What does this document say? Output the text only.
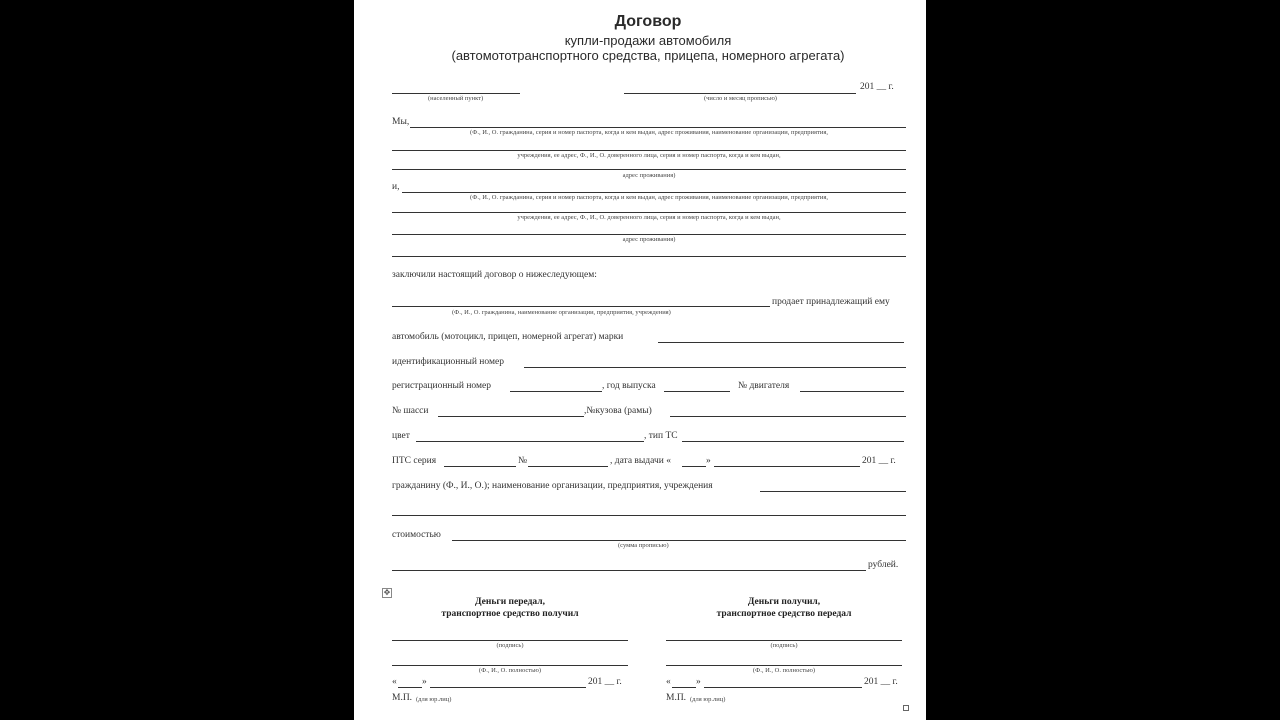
Договор
купли-продажи автомобиля
(автомототранспортного средства, прицепа, номерного агрегата)
201 __ г.
(населенный пункт)	(число и месяц прописью)
Мы,
(Ф., И., О. гражданина, серия и номер паспорта, когда и кем выдан, адрес проживания, наименование организации, предприятия,
учреждения, ее адрес, Ф., И., О. доверенного лица, серия и номер паспорта, когда и кем выдан,
адрес проживания)
и,
(Ф., И., О. гражданина, серия и номер паспорта, когда и кем выдан, адрес проживания, наименование организации, предприятия,
учреждения, ее адрес, Ф., И., О. доверенного лица, серия и номер паспорта, когда и кем выдан,
адрес проживания)
заключили настоящий договор о нижеследующем:
продает принадлежащий ему
(Ф., И., О. гражданина, наименование организации, предприятия, учреждения)
автомобиль (мотоцикл, прицеп, номерной агрегат) марки
идентификационный номер
регистрационный номер	, год выпуска	№ двигателя
№ шасси	,№кузова (рамы)
цвет	, тип ТС
ПТС серия	№	, дата выдачи «	»	201 __ г.
гражданину (Ф., И., О.); наименование организации, предприятия, учреждения
стоимостью
(сумма прописью)
рублей.
✥
Деньги передал,
транспортное средство получил
(подпись)
(Ф., И., О. полностью)
«	»	201 __ г.
М.П. (для юр.лиц)
Деньги получил,
транспортное средство передал
(подпись)
(Ф., И., О. полностью)
«	»	201 __ г.
М.П. (для юр.лиц)
